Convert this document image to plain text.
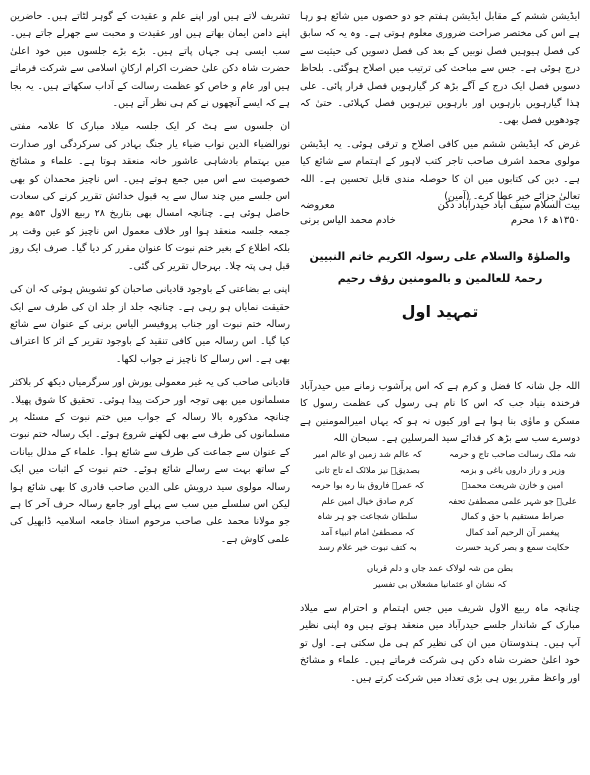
تشریف لاتے ہیں اور اپنے علم و عقیدت کے گوہر لٹاتے ہیں۔ حاضرین اپنے دامن ایمان بھاتے ہیں اور عقیدت و محبت سے جھرلے جاتے ہیں۔ سب ایسی ہی جہاں پاتے ہیں۔ بڑے بڑے جلسوں میں خود اعلیٰ حضرت شاہ دکن علیٰ حضرت اکرام ارکانِ اسلامی سے شرکت فرماتے ہیں اور عام و خاص کو عظمت رسالت کے آداب سکھاتے ہیں۔ یہ بجا ہے کہ ایسے آنچھوں نے کم ہی نظر آتے ہیں۔

ان جلسوں سے ہٹ کر ایک جلسہ میلاد مبارک کا علامہ مفتی نورالضیاء الدین نواب ضیاء یار جنگ بہادر کی سرکردگی اور صدارت میں بہتمام بادشاہی عاشور خانہ منعقد ہوتا ہے۔ علماء و مشائخ خصوصیت سے اس میں جمع ہوتے ہیں۔ اس ناچیز محمدان کو بھی اس جلسے میں چند سال سے یہ قبول خدائش تقریر کرنے کی سعادت حاصل ہوئی ہے۔ چنانچہ امسال بھی بتاریخ ۲۸ ربیع الاول ۵۳ھ یوم جمعہ جلسہ منعقد ہوا اور خلاف معمول اس ناچیز کو عین وقت پر بلکہ اطلاع کے بغیر ختم نبوت کا عنوان مقرر کر دیا گیا۔ صرف ایک روز قبل ہی پتہ چلا۔ بہرحال تقریر کی گئی۔

اپنی بے بضاعتی کے باوجود قادیانی صاحبان کو تشویش ہوئی کہ ان کی حقیقت نمایاں ہو رہی ہے۔ چنانچہ جلد از جلد ان کی طرف سے ایک رسالہ ختم نبوت اور جناب پروفیسر الیاس برنی کے عنوان سے شائع کیا گیا۔ اس رسالہ میں کافی تنقید کے باوجود تقریر کے اثر کا اعتراف بھی ہے۔ اس رسالے کا ناچیز نے جواب لکھا۔

قادیانی صاحب کی یہ غیر معمولی یورش اور سرگرمیاں دیکھ کر بلاکثر مسلمانوں میں بھی توجہ اور حرکت پیدا ہوئی۔ تحقیق کا شوق پھیلا۔ چنانچہ مذکورہ بالا رسالہ کے جواب میں ختم نبوت کے مسئلہ پر مسلمانوں کی طرف سے بھی لکھنے شروع ہوئے۔ ایک رسالہ ختم نبوت کے عنوان سے جماعت کی طرف سے شائع ہوا۔ علماء کے مدلل بیانات کے ساتھ بہت سے رسالے شائع ہوئے۔ ختم نبوت کے اثبات میں ایک رسالہ مولوی سید درویش علی الدین صاحب قادری کا بھی شائع ہوا لیکن اس سلسلے میں سب سے پہلے اور جامع رسالہ حرف آخر کا ہے جو مولانا محمد علی صاحب مرحوم استاذ جامعہ اسلامیہ ڈابھیل کی علمی کاوش ہے۔

ایڈیشن ششم کے مقابل ایڈیشن ہفتم جو دو حصوں میں شائع ہو رہا ہے اس کی مختصر صراحت ضروری معلوم ہوتی ہے۔ وہ یہ کہ سابق کی فصل ہیوہیں فصل نوبیں کے بعد کی فصل دسویں کی حیثیت سے درج ہوئی ہے۔ جس سے مباحث کی ترتیب میں اصلاح ہوگئی۔ بلحاظ دسویں فصل ایک درج کے آگے بڑھ کر گیارہویں فصل قرار پائی۔ علی ہٰذا گیارہویں بارہویں اور بارہویں تیرہویں فصل کہلائی۔ حتیٰ کہ چودھویں فصل بھی۔

غرض کہ ایڈیشن ششم میں کافی اصلاح و ترقی ہوئی۔ یہ ایڈیشن مولوی محمد اشرف صاحب تاجر کتب لاہور کے اہتمام سے شائع کیا ہے۔ دین کی کتابوں میں ان کا حوصلہ مندی قابل تحسین ہے۔ اللہ تعالیٰ جزائے خیر عطا کرے۔ (آمین)

بیت السلام سیف آباد حیدرآباد دکن
معروضہ
۱۳۵۰ھ ۱۶ محرم
خادم محمد الیاس برنی
والصلوٰۃ والسلام علی رسولہ الکریم خاتم النبیین رحمۃ للعالمین و بالمومنین رؤف رحیم
تمہید اول

اللہ جل شانہ کا فضل و کرم ہے کہ اس پرآشوب زمانے میں حیدرآباد فرخندہ بنیاد جب کہ اس کا نام ہی رسول کی عظمت رسول کا مسکن و ماوٰی بنا ہوا ہے اور کیوں نہ ہو کہ یہاں امیرالمومنین ہے دوسرے سب سے بڑھ کر فدائے سید المرسلین ہے۔ سبحان اللہ

شہ ملک رسالت صاحب تاج و حرمہ
کہ عالم شد زمین او عالم امیر
وزیر و راز داروں باغی و بزمہ
بصدیقؓ نیز ملائک اے تاج ثانی
امین و خازن شریعت محمدؐ
کہ عمرؓ فاروق بنا رہ بوا حرمہ
علیؓ جو شہر علمی مصطفیٰ تحفہ
کرم صادق خیال امین علم
صراط مستقیم با حق و کمال
سلطان شجاعت جو ہر شاہ
پیغمبر آن الرحیم آمد کمال
کہ مصطفیٰ امام انبیاء آمد
حکایت سمع و بصر کرید حسرت
بہ کتف نبوت خیر علام رسد
بطن من شہ لولاک عمد جاں و دلم قرباں
کہ نشان او عثمانیا مشعلاں بی تفسیر

چنانچہ ماہ ربیع الاول شریف میں جس اہتمام و احترام سے میلاد مبارک کے شاندار جلسے حیدرآباد میں منعقد ہوتے ہیں وہ اپنی نظیر آپ ہیں۔ ہندوستان میں ان کی نظیر کم ہی مل سکتی ہے۔ اول تو خود اعلیٰ حضرت شاہ دکن ہی شرکت فرماتے ہیں۔ علماء و مشائخ اور واعظ مقرر یوں ہی بڑی تعداد میں شرکت کرتے ہیں۔
